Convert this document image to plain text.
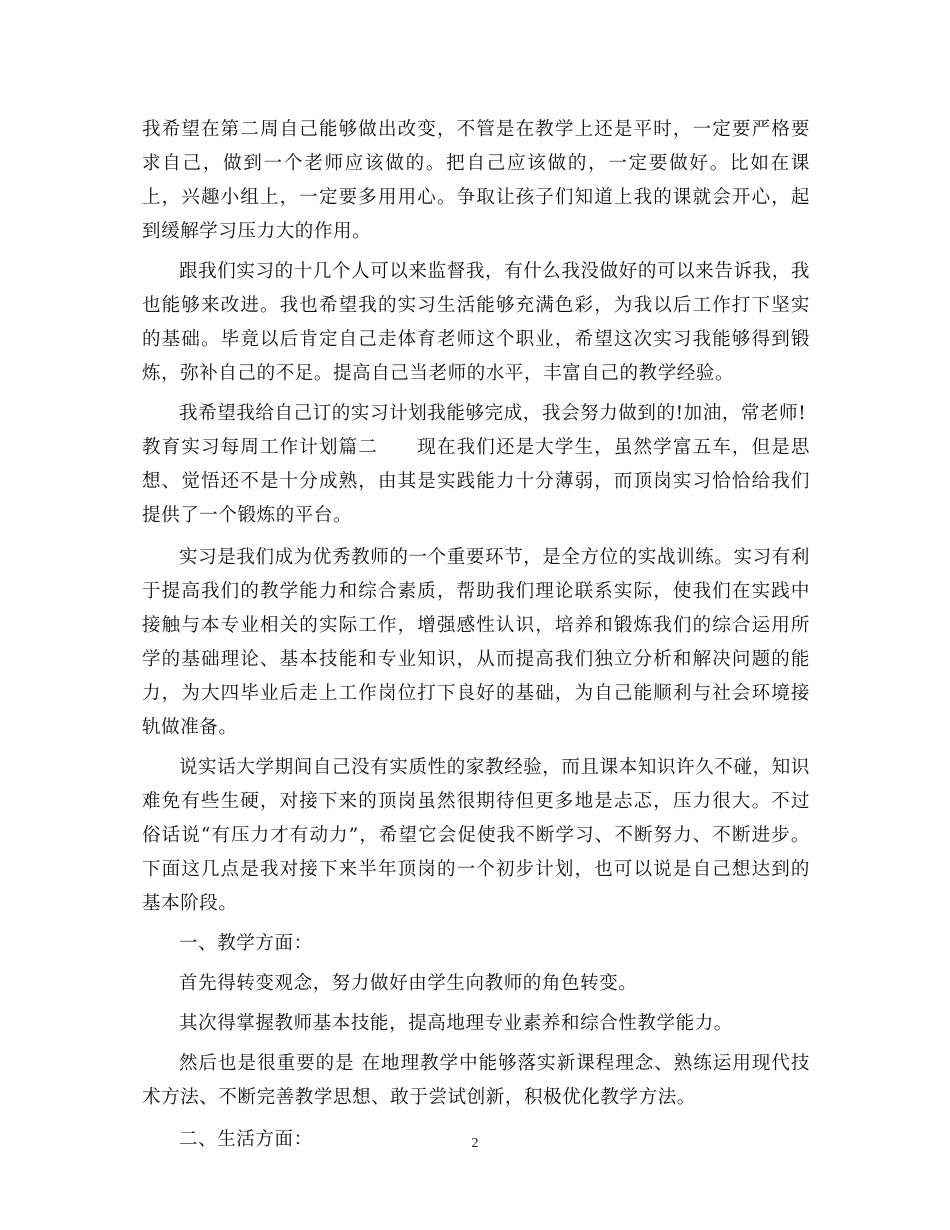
我希望在第二周自己能够做出改变，不管是在教学上还是平时，一定要严格要求自己，做到一个老师应该做的。把自己应该做的，一定要做好。比如在课上，兴趣小组上，一定要多用用心。争取让孩子们知道上我的课就会开心，起到缓解学习压力大的作用。

跟我们实习的十几个人可以来监督我，有什么我没做好的可以来告诉我，我也能够来改进。我也希望我的实习生活能够充满色彩，为我以后工作打下坚实的基础。毕竟以后肯定自己走体育老师这个职业，希望这次实习我能够得到锻炼，弥补自己的不足。提高自己当老师的水平，丰富自己的教学经验。

我希望我给自己订的实习计划我能够完成，我会努力做到的!加油，常老师!

教育实习每周工作计划篇二　　现在我们还是大学生，虽然学富五车，但是思想、觉悟还不是十分成熟，由其是实践能力十分薄弱，而顶岗实习恰恰给我们提供了一个锻炼的平台。

实习是我们成为优秀教师的一个重要环节，是全方位的实战训练。实习有利于提高我们的教学能力和综合素质，帮助我们理论联系实际，使我们在实践中接触与本专业相关的实际工作，增强感性认识，培养和锻炼我们的综合运用所学的基础理论、基本技能和专业知识，从而提高我们独立分析和解决问题的能力，为大四毕业后走上工作岗位打下良好的基础，为自己能顺利与社会环境接轨做准备。

说实话大学期间自己没有实质性的家教经验，而且课本知识许久不碰，知识难免有些生硬，对接下来的顶岗虽然很期待但更多地是忐忑，压力很大。不过俗话说“有压力才有动力”，希望它会促使我不断学习、不断努力、不断进步。下面这几点是我对接下来半年顶岗的一个初步计划，也可以说是自己想达到的基本阶段。

一、教学方面：

首先得转变观念，努力做好由学生向教师的角色转变。

其次得掌握教师基本技能，提高地理专业素养和综合性教学能力。

然后也是很重要的是 在地理教学中能够落实新课程理念、熟练运用现代技术方法、不断完善教学思想、敢于尝试创新，积极优化教学方法。

二、生活方面：	2
